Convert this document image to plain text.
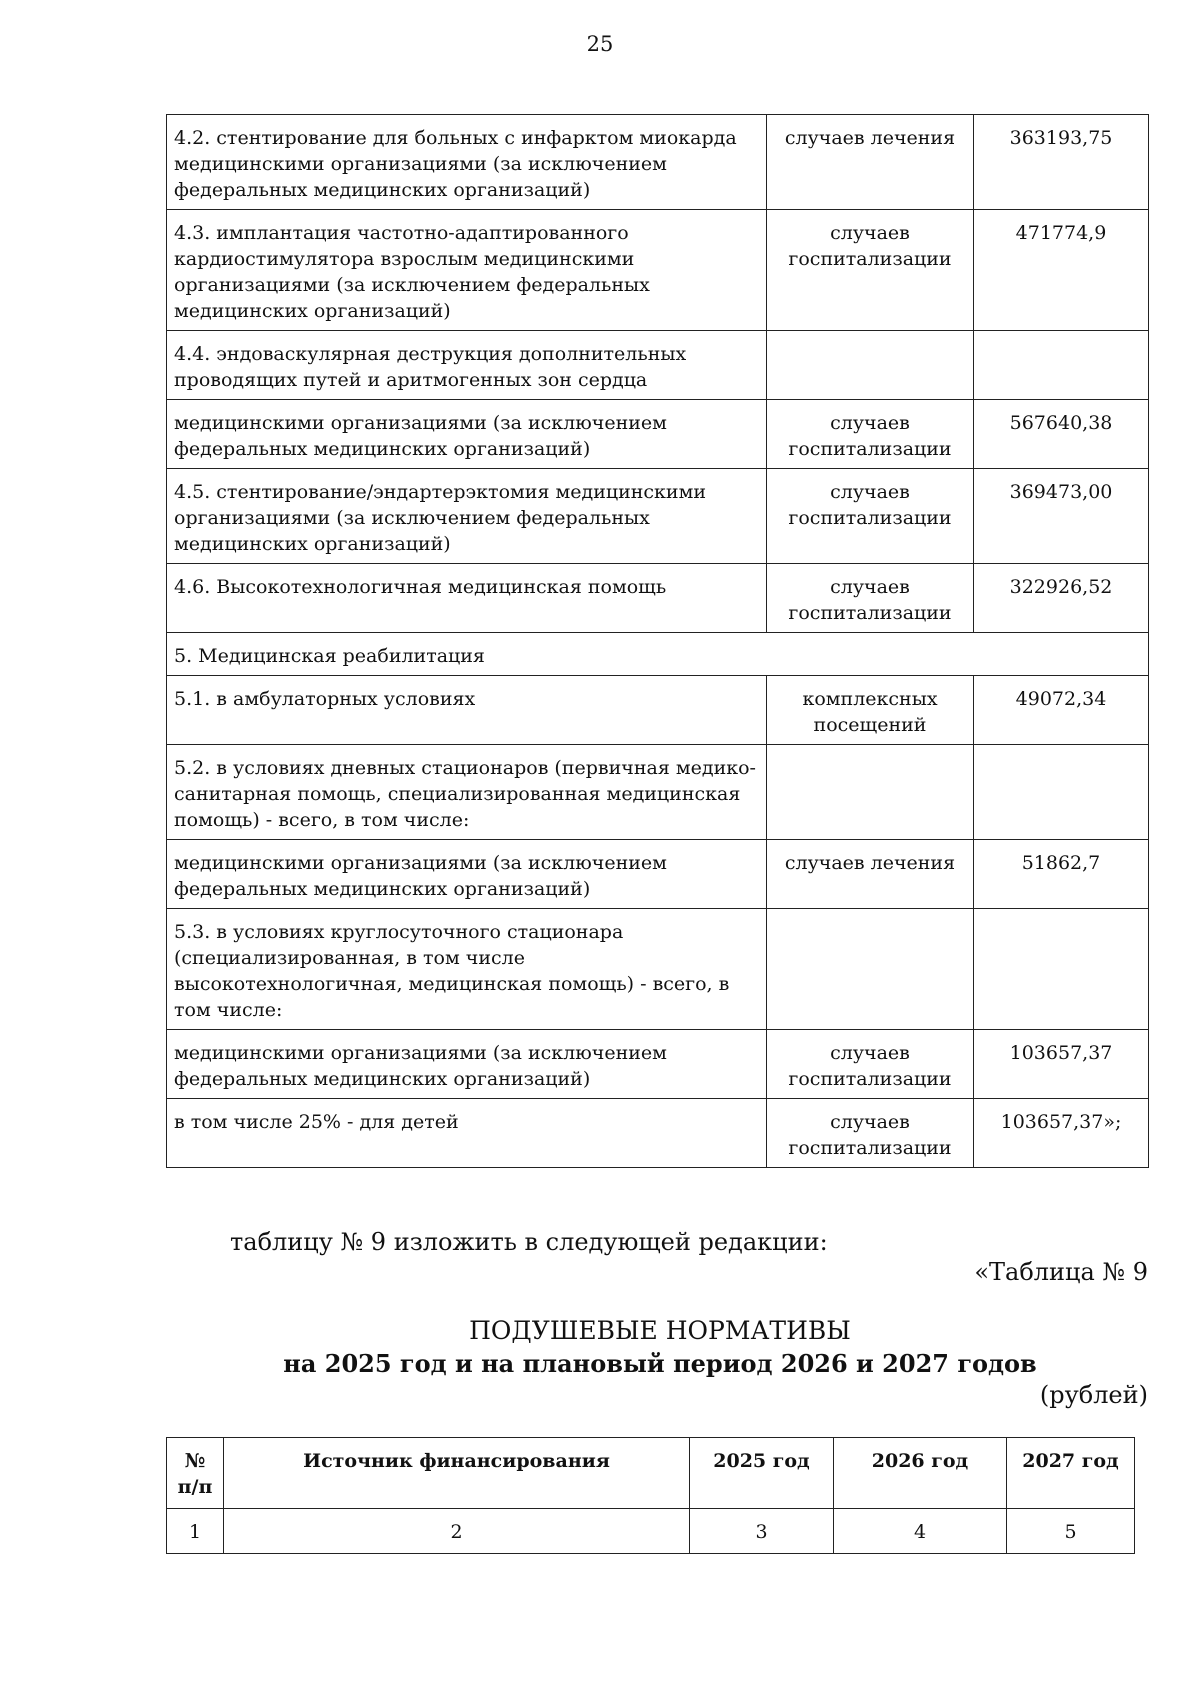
25
4.2. стентирование для больных с инфарктом миокарда медицинскими организациями (за исключением федеральных медицинских организаций)	случаев лечения	363193,75
4.3. имплантация частотно-адаптированного кардиостимулятора взрослым медицинскими организациями (за исключением федеральных медицинских организаций)	случаев госпитализации	471774,9
4.4. эндоваскулярная деструкция дополнительных проводящих путей и аритмогенных зон сердца		
медицинскими организациями (за исключением федеральных медицинских организаций)	случаев госпитализации	567640,38
4.5. стентирование/эндартерэктомия медицинскими организациями (за исключением федеральных медицинских организаций)	случаев госпитализации	369473,00
4.6. Высокотехнологичная медицинская помощь	случаев госпитализации	322926,52
5. Медицинская реабилитация		
5.1. в амбулаторных условиях	комплексных посещений	49072,34
5.2. в условиях дневных стационаров (первичная медико-санитарная помощь, специализированная медицинская помощь) - всего, в том числе:		
медицинскими организациями (за исключением федеральных медицинских организаций)	случаев лечения	51862,7
5.3. в условиях круглосуточного стационара (специализированная, в том числе высокотехнологичная, медицинская помощь) - всего, в том числе:		
медицинскими организациями (за исключением федеральных медицинских организаций)	случаев госпитализации	103657,37
в том числе 25% - для детей	случаев госпитализации	103657,37»;
таблицу № 9 изложить в следующей редакции:
«Таблица № 9
ПОДУШЕВЫЕ НОРМАТИВЫ
на 2025 год и на плановый период 2026 и 2027 годов
(рублей)
№ п/п	Источник финансирования	2025 год	2026 год	2027 год
1	2	3	4	5
